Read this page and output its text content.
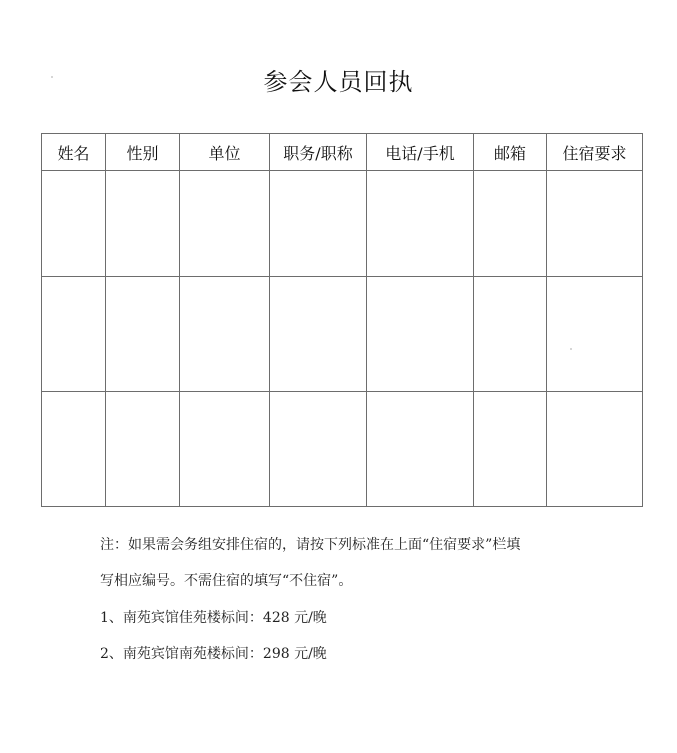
参会人员回执
姓名	性别	单位	职务/职称	电话/手机	邮箱	住宿要求

注：如果需会务组安排住宿的，请按下列标准在上面“住宿要求”栏填
写相应编号。不需住宿的填写“不住宿”。
1、南苑宾馆佳苑楼标间：428 元/晚
2、南苑宾馆南苑楼标间：298 元/晚
